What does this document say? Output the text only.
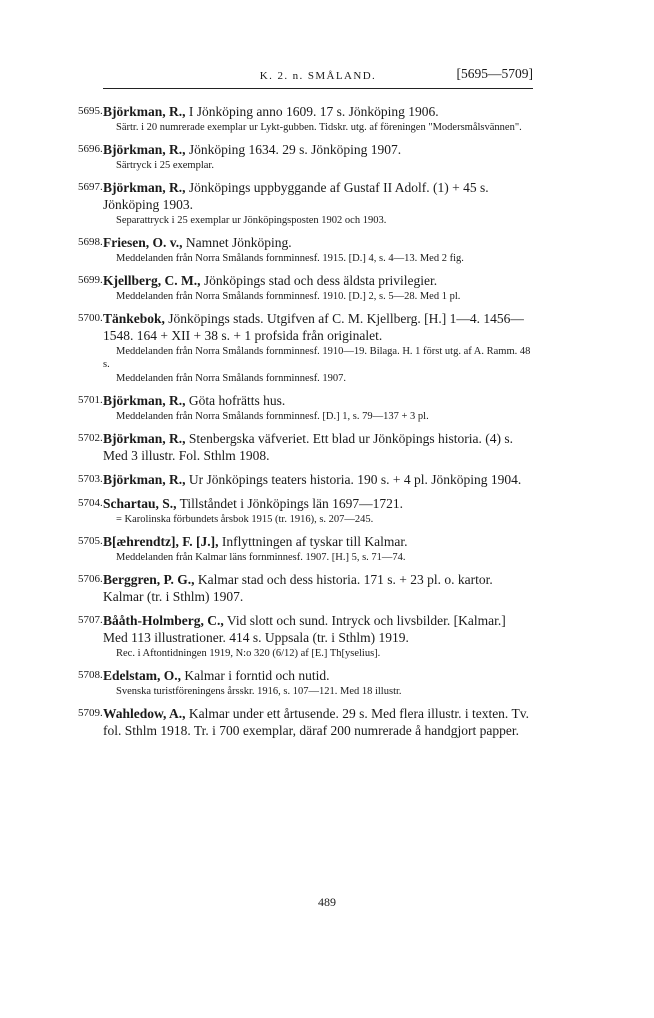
K. 2. n. SMÅLAND.	[5695—5709]
5695. Björkman, R., I Jönköping anno 1609. 17 s. Jönköping 1906.

Särtr. i 20 numrerade exemplar ur Lykt-gubben. Tidskr. utg. af föreningen "Modersmålsvännen".

5696. Björkman, R., Jönköping 1634. 29 s. Jönköping 1907.

Särtryck i 25 exemplar.

5697. Björkman, R., Jönköpings uppbyggande af Gustaf II Adolf. (1) + 45 s. Jönköping 1903.

Separattryck i 25 exemplar ur Jönköpingsposten 1902 och 1903.

5698. Friesen, O. v., Namnet Jönköping.

Meddelanden från Norra Smålands fornminnesf. 1915. [D.] 4, s. 4—13. Med 2 fig.

5699. Kjellberg, C. M., Jönköpings stad och dess äldsta privilegier.

Meddelanden från Norra Smålands fornminnesf. 1910. [D.] 2, s. 5—28. Med 1 pl.

5700. Tänkebok, Jönköpings stads. Utgifven af C. M. Kjellberg. [H.] 1—4. 1456—1548. 164 + XII + 38 s. + 1 profsida från originalet.

Meddelanden från Norra Smålands fornminnesf. 1910—19. Bilaga. H. 1 först utg. af A. Ramm. 48 s.

Meddelanden från Norra Smålands fornminnesf. 1907.

5701. Björkman, R., Göta hofrätts hus.

Meddelanden från Norra Smålands fornminnesf. [D.] 1, s. 79—137 + 3 pl.

5702. Björkman, R., Stenbergska väfveriet. Ett blad ur Jönköpings historia. (4) s. Med 3 illustr. Fol. Sthlm 1908.

5703. Björkman, R., Ur Jönköpings teaters historia. 190 s. + 4 pl. Jönköping 1904.

5704. Schartau, S., Tillståndet i Jönköpings län 1697—1721.

= Karolinska förbundets årsbok 1915 (tr. 1916), s. 207—245.

5705. B[æhrendtz], F. [J.], Inflyttningen af tyskar till Kalmar.

Meddelanden från Kalmar läns fornminnesf. 1907. [H.] 5, s. 71—74.

5706. Berggren, P. G., Kalmar stad och dess historia. 171 s. + 23 pl. o. kartor. Kalmar (tr. i Sthlm) 1907.

5707. Bååth-Holmberg, C., Vid slott och sund. Intryck och livsbilder. [Kalmar.] Med 113 illustrationer. 414 s. Uppsala (tr. i Sthlm) 1919.

Rec. i Aftontidningen 1919, N:o 320 (6/12) af [E.] Th[yselius].

5708. Edelstam, O., Kalmar i forntid och nutid.

Svenska turistföreningens årsskr. 1916, s. 107—121. Med 18 illustr.

5709. Wahledow, A., Kalmar under ett årtusende. 29 s. Med flera illustr. i texten. Tv. fol. Sthlm 1918. Tr. i 700 exemplar, däraf 200 numrerade å handgjort papper.

489
